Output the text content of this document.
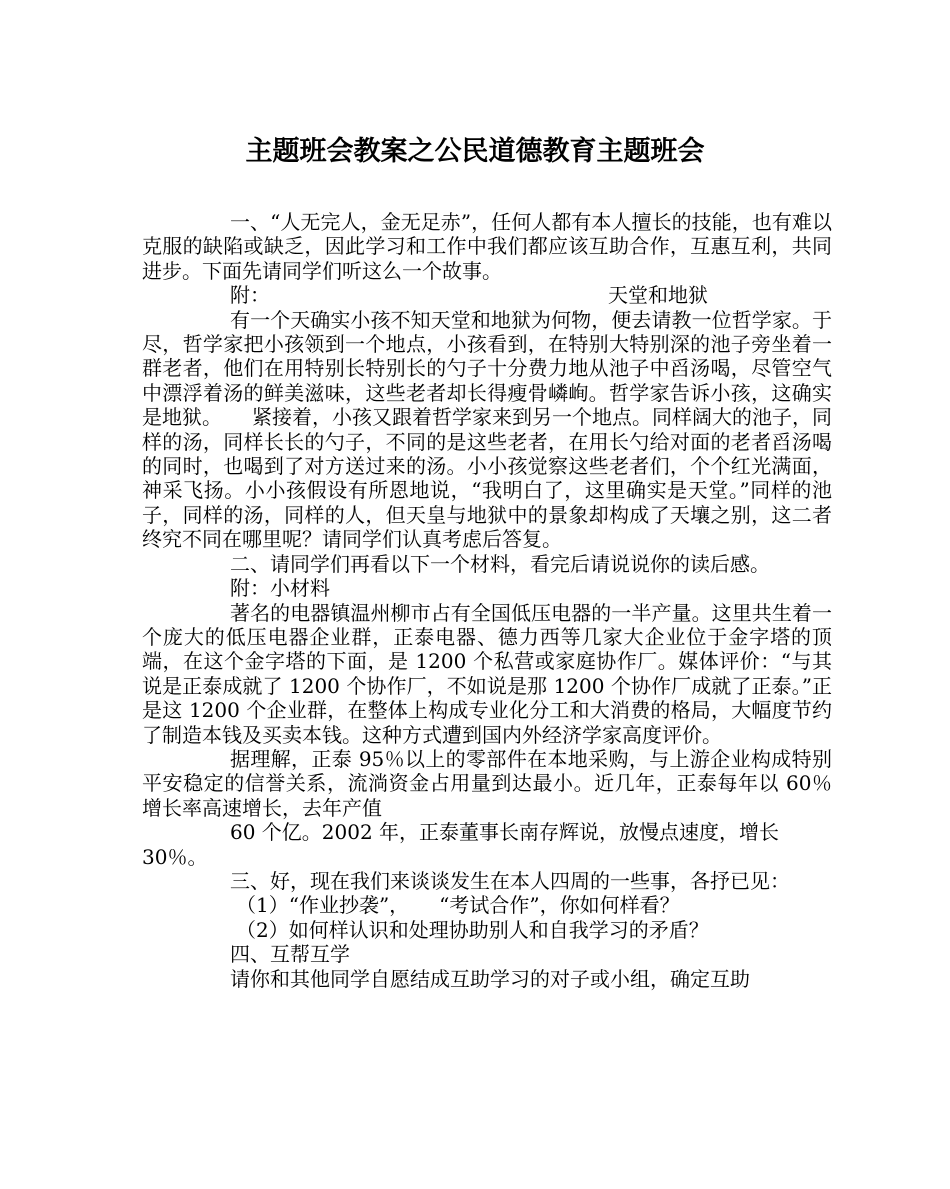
主题班会教案之公民道德教育主题班会

一、“人无完人，金无足赤”，任何人都有本人擅长的技能，也有难以克服的缺陷或缺乏，因此学习和工作中我们都应该互助合作，互惠互利，共同进步。下面先请同学们听这么一个故事。

附：	天堂和地狱

有一个天确实小孩不知天堂和地狱为何物，便去请教一位哲学家。于尽，哲学家把小孩领到一个地点，小孩看到，在特别大特别深的池子旁坐着一群老者，他们在用特别长特别长的勺子十分费力地从池子中舀汤喝，尽管空气中漂浮着汤的鲜美滋味，这些老者却长得瘦骨嶙峋。哲学家告诉小孩，这确实是地狱。　　紧接着，小孩又跟着哲学家来到另一个地点。同样阔大的池子，同样的汤，同样长长的勺子，不同的是这些老者，在用长勺给对面的老者舀汤喝的同时，也喝到了对方送过来的汤。小小孩觉察这些老者们，个个红光满面，神采飞扬。小小孩假设有所恩地说，“我明白了，这里确实是天堂。”同样的池子，同样的汤，同样的人，但天皇与地狱中的景象却构成了天壤之别，这二者终究不同在哪里呢？请同学们认真考虑后答复。

二、请同学们再看以下一个材料，看完后请说说你的读后感。

附：小材料

著名的电器镇温州柳市占有全国低压电器的一半产量。这里共生着一个庞大的低压电器企业群，正泰电器、德力西等几家大企业位于金字塔的顶端，在这个金字塔的下面，是 1200 个私营或家庭协作厂。媒体评价：“与其说是正泰成就了 1200 个协作厂，不如说是那 1200 个协作厂成就了正泰。”正是这 1200 个企业群，在整体上构成专业化分工和大消费的格局，大幅度节约了制造本钱及买卖本钱。这种方式遭到国内外经济学家高度评价。

据理解，正泰 95％以上的零部件在本地采购，与上游企业构成特别平安稳定的信誉关系，流淌资金占用量到达最小。近几年，正泰每年以 60％增长率高速增长，去年产值

60 个亿。2002 年，正泰董事长南存辉说，放慢点速度，增长

30％。

三、好，现在我们来谈谈发生在本人四周的一些事，各抒已见：

（1）“作业抄袭”，　　“考试合作”，你如何样看？

（2）如何样认识和处理协助别人和自我学习的矛盾？

四、互帮互学

请你和其他同学自愿结成互助学习的对子或小组，确定互助
